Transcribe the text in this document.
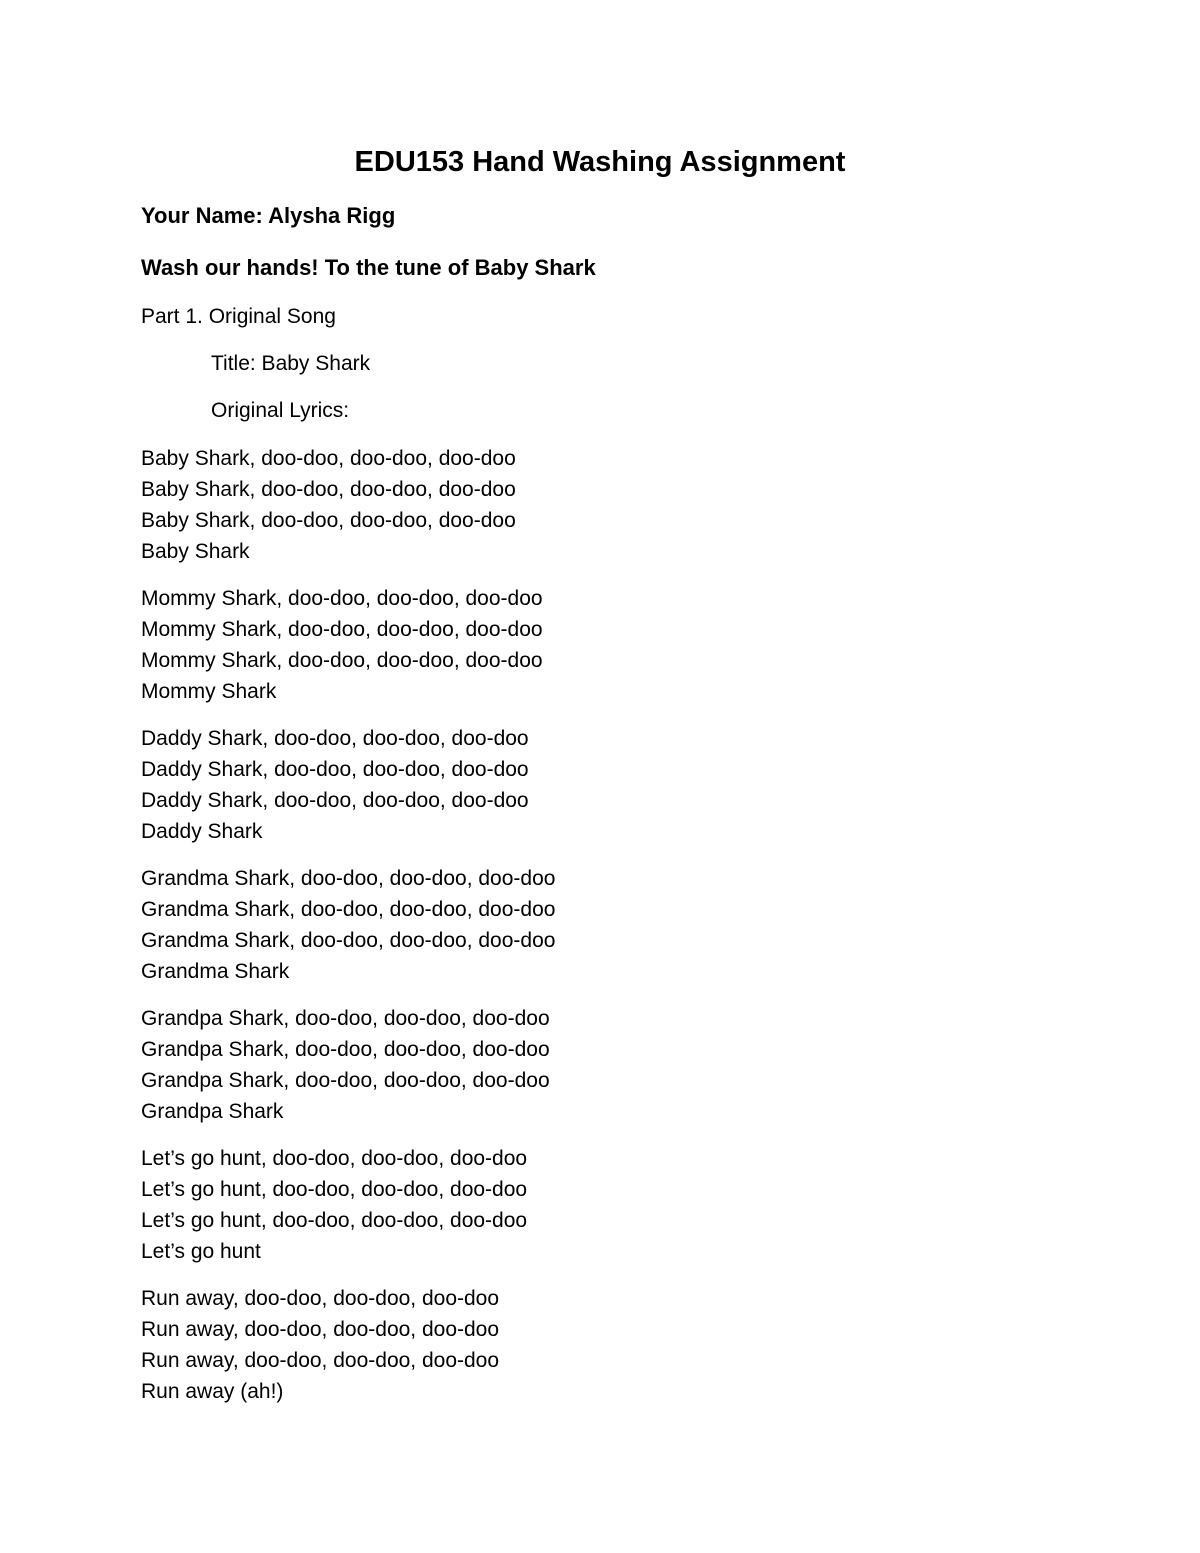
EDU153 Hand Washing Assignment

Your Name: Alysha Rigg

Wash our hands! To the tune of Baby Shark

Part 1. Original Song

Title: Baby Shark

Original Lyrics:

Baby Shark, doo-doo, doo-doo, doo-doo
Baby Shark, doo-doo, doo-doo, doo-doo
Baby Shark, doo-doo, doo-doo, doo-doo
Baby Shark
Mommy Shark, doo-doo, doo-doo, doo-doo
Mommy Shark, doo-doo, doo-doo, doo-doo
Mommy Shark, doo-doo, doo-doo, doo-doo
Mommy Shark
Daddy Shark, doo-doo, doo-doo, doo-doo
Daddy Shark, doo-doo, doo-doo, doo-doo
Daddy Shark, doo-doo, doo-doo, doo-doo
Daddy Shark
Grandma Shark, doo-doo, doo-doo, doo-doo
Grandma Shark, doo-doo, doo-doo, doo-doo
Grandma Shark, doo-doo, doo-doo, doo-doo
Grandma Shark
Grandpa Shark, doo-doo, doo-doo, doo-doo
Grandpa Shark, doo-doo, doo-doo, doo-doo
Grandpa Shark, doo-doo, doo-doo, doo-doo
Grandpa Shark
Let’s go hunt, doo-doo, doo-doo, doo-doo
Let’s go hunt, doo-doo, doo-doo, doo-doo
Let’s go hunt, doo-doo, doo-doo, doo-doo
Let’s go hunt
Run away, doo-doo, doo-doo, doo-doo
Run away, doo-doo, doo-doo, doo-doo
Run away, doo-doo, doo-doo, doo-doo
Run away (ah!)
